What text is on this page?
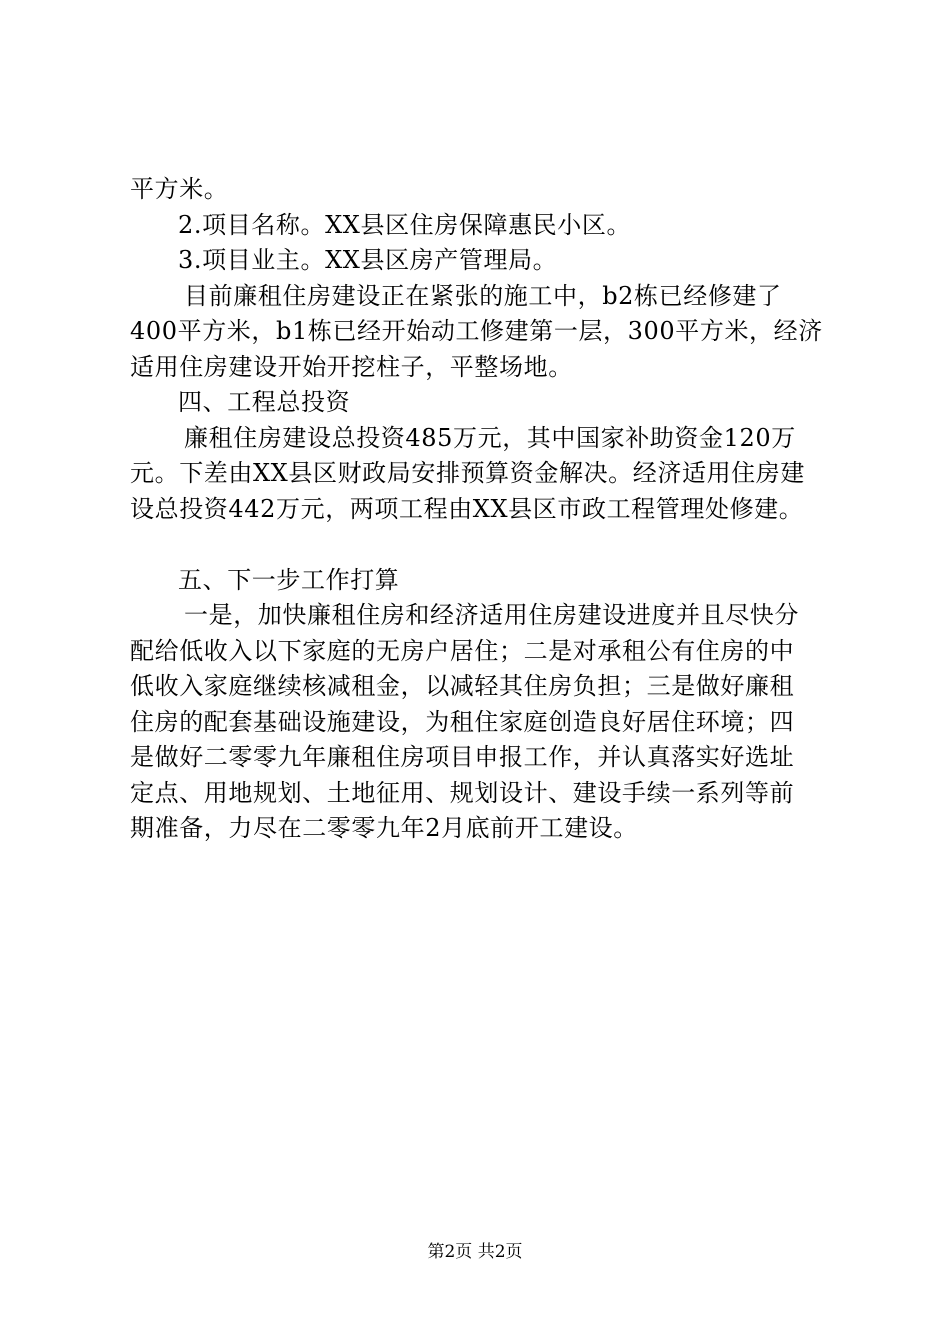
平方米。

2.项目名称。XX县区住房保障惠民小区。

3.项目业主。XX县区房产管理局。

目前廉租住房建设正在紧张的施工中，b2栋已经修建了

400平方米，b1栋已经开始动工修建第一层，300平方米，经济

适用住房建设开始开挖柱子，平整场地。

四、工程总投资

廉租住房建设总投资485万元，其中国家补助资金120万

元。下差由XX县区财政局安排预算资金解决。经济适用住房建

设总投资442万元，两项工程由XX县区市政工程管理处修建。

五、下一步工作打算

一是，加快廉租住房和经济适用住房建设进度并且尽快分

配给低收入以下家庭的无房户居住；二是对承租公有住房的中

低收入家庭继续核减租金，以减轻其住房负担；三是做好廉租

住房的配套基础设施建设，为租住家庭创造良好居住环境；四

是做好二零零九年廉租住房项目申报工作，并认真落实好选址

定点、用地规划、土地征用、规划设计、建设手续一系列等前

期准备，力尽在二零零九年2月底前开工建设。

第2页 共2页
